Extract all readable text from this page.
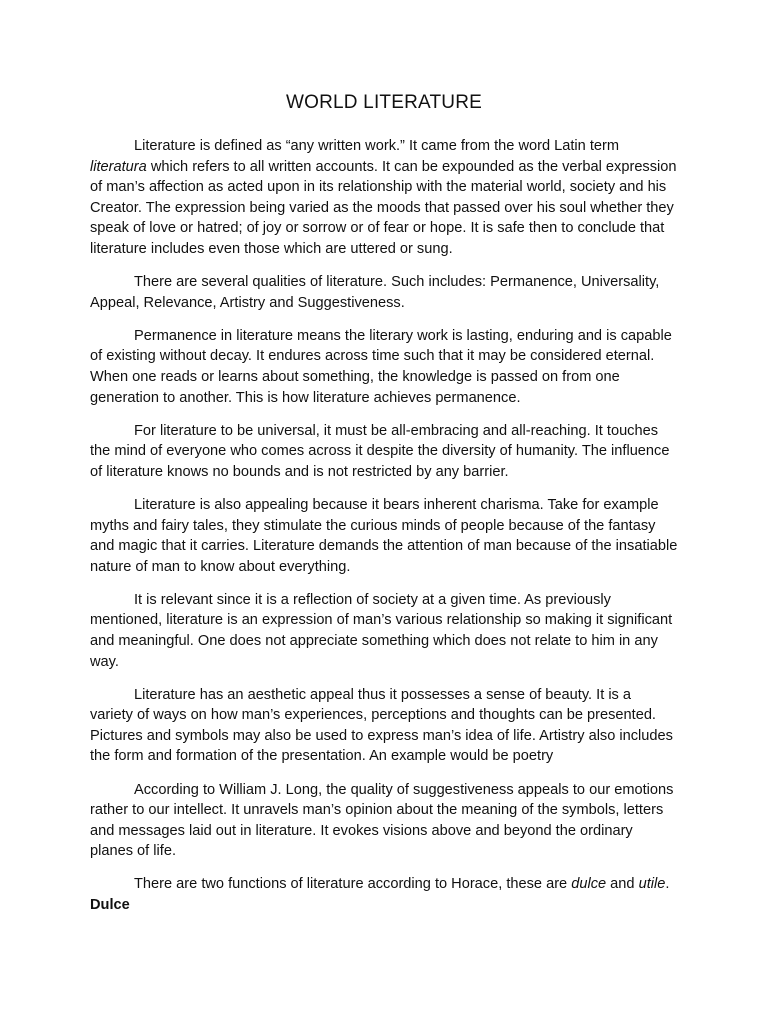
WORLD LITERATURE

Literature is defined as “any written work.” It came from the word Latin term literatura which refers to all written accounts. It can be expounded as the verbal expression of man’s affection as acted upon in its relationship with the material world, society and his Creator. The expression being varied as the moods that passed over his soul whether they speak of love or hatred; of joy or sorrow or of fear or hope. It is safe then to conclude that literature includes even those which are uttered or sung.

There are several qualities of literature. Such includes: Permanence, Universality, Appeal, Relevance, Artistry and Suggestiveness.

Permanence in literature means the literary work is lasting, enduring and is capable of existing without decay. It endures across time such that it may be considered eternal. When one reads or learns about something, the knowledge is passed on from one generation to another. This is how literature achieves permanence.

For literature to be universal, it must be all-embracing and all-reaching. It touches the mind of everyone who comes across it despite the diversity of humanity. The influence of literature knows no bounds and is not restricted by any barrier.

Literature is also appealing because it bears inherent charisma. Take for example myths and fairy tales, they stimulate the curious minds of people because of the fantasy and magic that it carries. Literature demands the attention of man because of the insatiable nature of man to know about everything.

It is relevant since it is a reflection of society at a given time. As previously mentioned, literature is an expression of man’s various relationship so making it significant and meaningful. One does not appreciate something which does not relate to him in any way.

Literature has an aesthetic appeal thus it possesses a sense of beauty. It is a variety of ways on how man’s experiences, perceptions and thoughts can be presented. Pictures and symbols may also be used to express man’s idea of life. Artistry also includes the form and formation of the presentation. An example would be poetry

According to William J. Long, the quality of suggestiveness appeals to our emotions rather to our intellect. It unravels man’s opinion about the meaning of the symbols, letters and messages laid out in literature. It evokes visions above and beyond the ordinary planes of life.

There are two functions of literature according to Horace, these are dulce and utile. Dulce
